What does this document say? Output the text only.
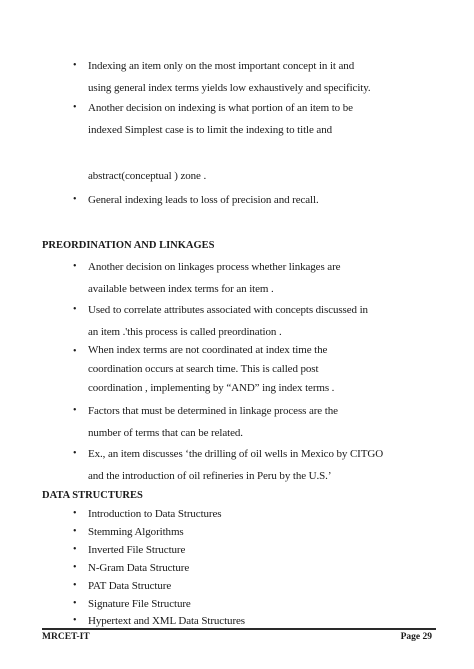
• Indexing an item only on the most important concept in it and
using general index terms yields low exhaustively and specificity.
• Another decision on indexing is what portion of an item to be
indexed Simplest case is to limit the indexing to title and
abstract(conceptual ) zone .
• General indexing leads to loss of precision and recall.
PREORDINATION AND LINKAGES
• Another decision on linkages process whether linkages are
available between index terms for an item .
• Used to correlate attributes associated with concepts discussed in
an item .'this process is called preordination .
• When index terms are not coordinated at index time the
coordination occurs at search time. This is called post
coordination , implementing by “AND” ing index terms .
• Factors that must be determined in linkage process are the
number of terms that can be related.
• Ex., an item discusses ‘the drilling of oil wells in Mexico by CITGO
and the introduction of oil refineries in Peru by the U.S.’
DATA STRUCTURES
• Introduction to Data Structures
• Stemming Algorithms
• Inverted File Structure
• N-Gram Data Structure
• PAT Data Structure
• Signature File Structure
• Hypertext and XML Data Structures
MRCET-IT	Page 29
